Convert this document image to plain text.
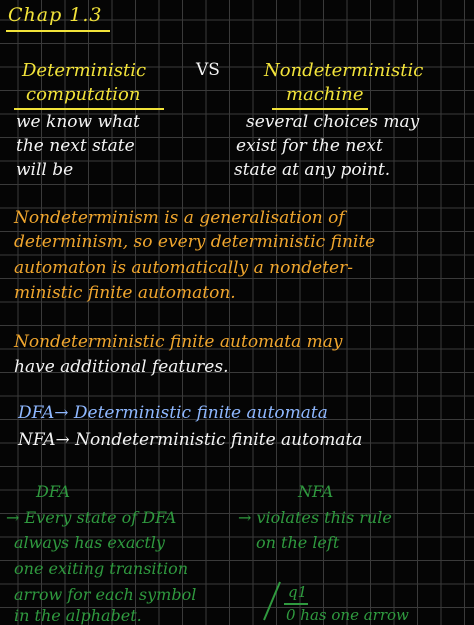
Chap 1.3
Deterministic
computation
VS Nondeterministic
machine
we know what
the next state
will be
several choices may
exist for the next
state at any point.
Nondeterminism is a generalisation of
determinism, so every deterministic finite
automaton is automatically a nondeter-
ministic finite automaton.
Nondeterministic finite automata may
have additional features.
DFA→ Deterministic finite automata
NFA→ Nondeterministic finite automata
DFA
→ Every state of DFA
always has exactly
one exiting transition
arrow for each symbol
in the alphabet.
NFA
→ violates this rule
on the left
q1
0 has one arrow
